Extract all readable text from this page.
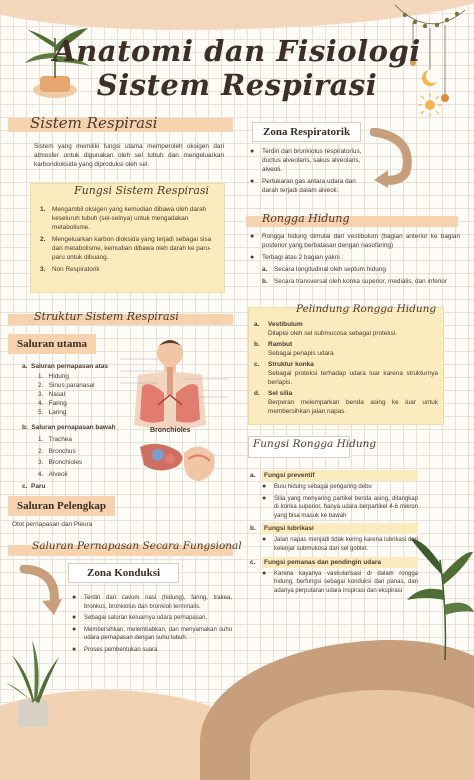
Anatomi dan Fisiologi
Sistem Respirasi
Sistem Respirasi
Sistem yang memiliki fungsi utama memperoleh oksigen dari atmosfer untuk digunakan oleh sel tubuh dan mengeluarkan karbondioksida yang diproduksi oleh sel.
Fungsi Sistem Respirasi
1. Mengambil oksigen yang kemudian dibawa oleh darah keseluruh tubuh (sel-selnya) untuk mengadakan metabolisme.
2. Mengeluarkan karbon dioksida yang terjadi sebagai sisa dari metabolisme, kemudian dibawa oleh darah ke paru-paru untuk dibuang.
3. Non Respiratorik
Struktur Sistem Respirasi
Saluran utama
a. Saluran pernapasan atas
1.   Hidung
2.   Sinus paranasal
3.   Nasal
4.   Faring
5.   Laring
b. Saluran pernapasan bawah
1.   Trachea
2.   Bronchus
3.   Bronchioles
4.   Alveoli
c. Paru
Bronchioles
Saluran Pelengkap
Otot pernapasan dan Pleura
Saluran Pernapasan Secara Fungsional
Zona Konduksi
● Terdiri dari cavum nasi (hidung), faring, trakea, bronkus, bronkiolus dan bronkioli terminalis.
● Sebagai saluran keluarnya udara pernapasan.
● Membersihkan, melembabkan, dan menyamakan suhu udara pernapasan dengan suhu tubuh.
● Proses pembentukan suara
Zona Respiratorik
● Terdiri dari bronkiolus respiratorius, ductus alveolaris, sakus alveolaris, alveoli.
● Pertukaran gas antara udara dan darah terjadi dalam alveoli.
Rongga Hidung
● Rongga hidung dimulai dari vestibulum (bagian anterior ke bagian posterior yang berbatasan dengan nasofaring)
● Terbagi atas 2 bagian yakni :
a. Secara longitudinal oleh septum hidung
b. Secara transversal oleh konka superior, medialis, dan inferior
Pelindung Rongga Hidung
a. Vestibulum
Dilapisi oleh sel submucosa sebagai proteksi.
b. Rambut
Sebagai penapis udara
c. Struktur konka
Sebagai proteksi terhadap udara luar karena strukturnya berlapis.
d. Sel silia
Berperan melemparkan benda asing ke luar untuk membersihkan jalan napas.
Fungsi Rongga Hidung
a. Fungsi preventif
● Bulu hidung sebagai pengaring debu
● Silia yang menyaring partikel benda asing, ditangkap di konka superior, hanya udara berpartikel 4-6 mikron yang bisa masuk ke bawah
b. Fungsi lubrikasi
● Jalan napas menjadi tidak kering karena lubrikasi dari kelenjar submukosa dan sel goblet.
c. Fungsi pemanas dan pendingin udara
● Karena kayanya vaskularisasi di dalam rongga hidung, berfungsi sebagai konduksi dari panas, dan adanya perputaran udara inspirasi dan ekspirasi
